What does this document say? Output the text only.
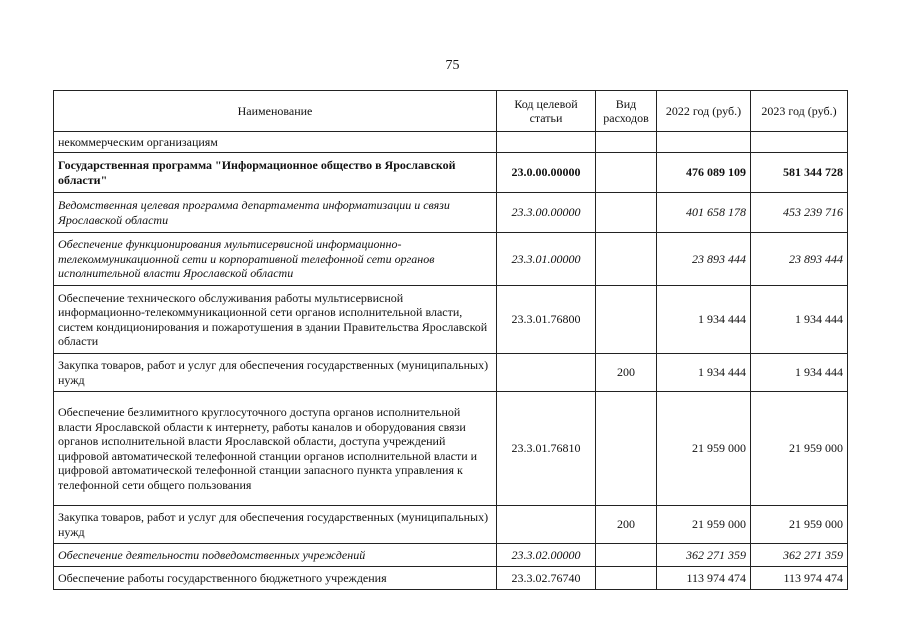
75
Наименование	Код целевой статьи	Вид расходов	2022 год (руб.)	2023 год (руб.)
некоммерческим организациям				
Государственная программа "Информационное общество в Ярославской области"	23.0.00.00000		476 089 109	581 344 728
Ведомственная целевая программа департамента информатизации и связи Ярославской области	23.3.00.00000		401 658 178	453 239 716
Обеспечение функционирования мультисервисной информационно-телекоммуникационной сети и корпоративной телефонной сети органов исполнительной власти Ярославской области	23.3.01.00000		23 893 444	23 893 444
Обеспечение технического обслуживания работы мультисервисной информационно-телекоммуникационной сети органов исполнительной власти, систем кондиционирования и пожаротушения в здании Правительства Ярославской области	23.3.01.76800		1 934 444	1 934 444
Закупка товаров, работ и услуг для обеспечения государственных (муниципальных) нужд		200	1 934 444	1 934 444
Обеспечение безлимитного круглосуточного доступа органов исполнительной власти Ярославской области к интернету, работы каналов и оборудования связи органов исполнительной власти Ярославской области, доступа учреждений цифровой автоматической телефонной станции органов исполнительной власти и цифровой автоматической телефонной станции запасного пункта управления к телефонной сети общего пользования	23.3.01.76810		21 959 000	21 959 000
Закупка товаров, работ и услуг для обеспечения государственных (муниципальных) нужд		200	21 959 000	21 959 000
Обеспечение деятельности подведомственных учреждений	23.3.02.00000		362 271 359	362 271 359
Обеспечение работы государственного бюджетного учреждения	23.3.02.76740		113 974 474	113 974 474
